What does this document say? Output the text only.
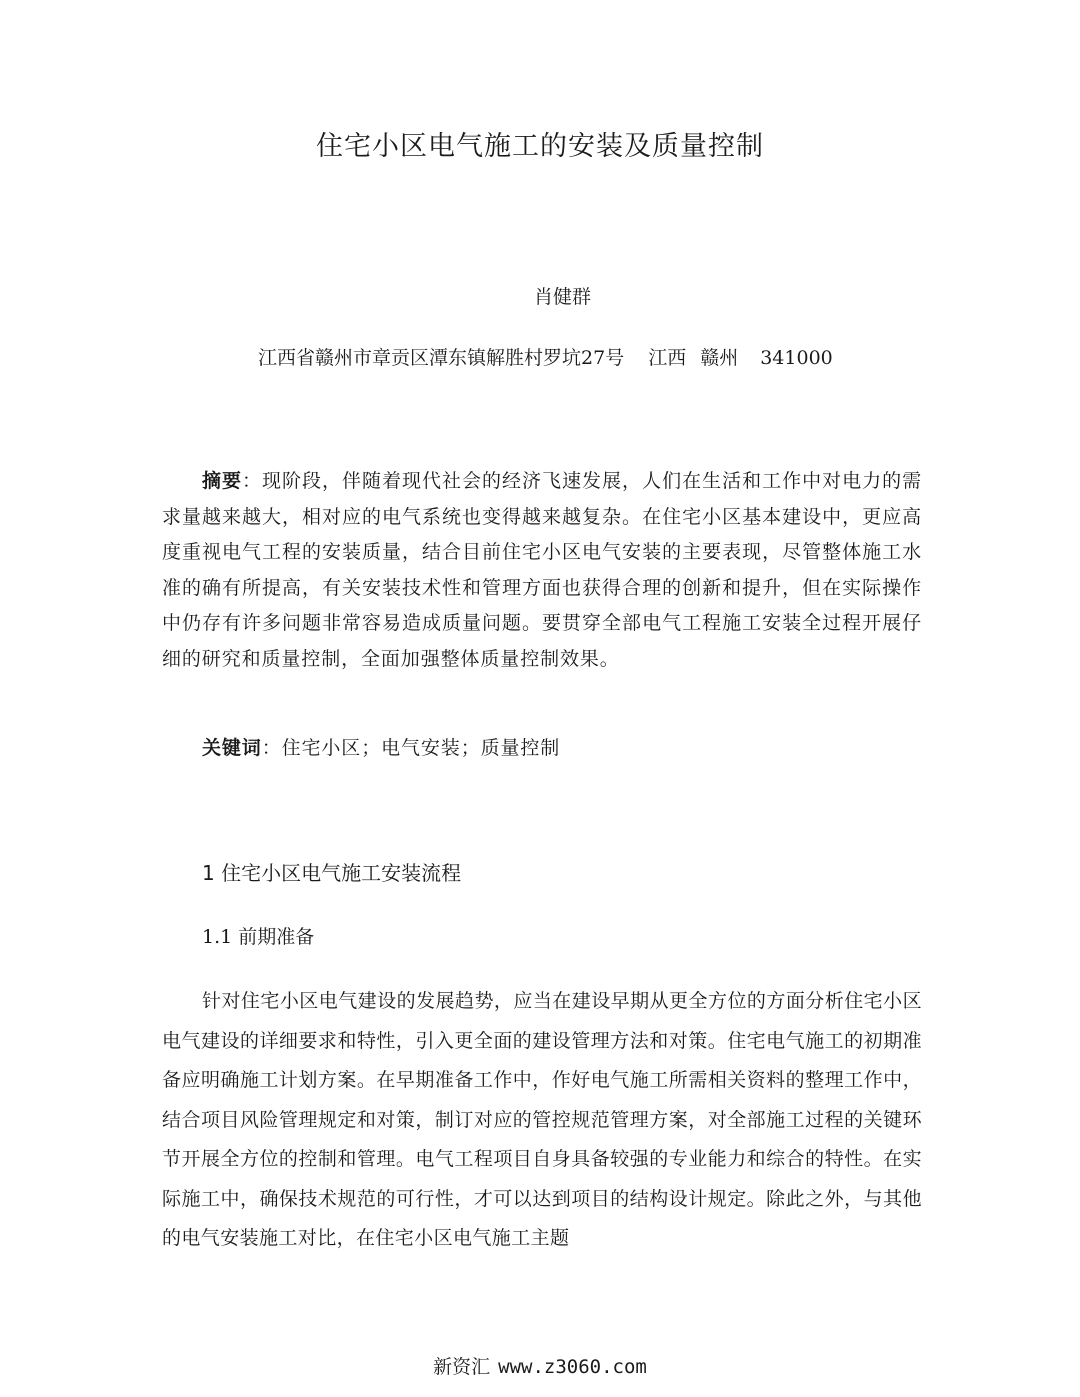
住宅小区电气施工的安装及质量控制
肖健群
江西省赣州市章贡区潭东镇解胜村罗坑27号 江西 赣州 341000

摘要：现阶段，伴随着现代社会的经济飞速发展，人们在生活和工作中对电力的需求量越来越大，相对应的电气系统也变得越来越复杂。在住宅小区基本建设中，更应高度重视电气工程的安装质量，结合目前住宅小区电气安装的主要表现，尽管整体施工水准的确有所提高，有关安装技术性和管理方面也获得合理的创新和提升，但在实际操作中仍存有许多问题非常容易造成质量问题。要贯穿全部电气工程施工安装全过程开展仔细的研究和质量控制，全面加强整体质量控制效果。

关键词：住宅小区；电气安装；质量控制

1 住宅小区电气施工安装流程
1.1 前期准备

针对住宅小区电气建设的发展趋势，应当在建设早期从更全方位的方面分析住宅小区电气建设的详细要求和特性，引入更全面的建设管理方法和对策。住宅电气施工的初期准备应明确施工计划方案。在早期准备工作中，作好电气施工所需相关资料的整理工作中，结合项目风险管理规定和对策，制订对应的管控规范管理方案，对全部施工过程的关键环节开展全方位的控制和管理。电气工程项目自身具备较强的专业能力和综合的特性。在实际施工中，确保技术规范的可行性，才可以达到项目的结构设计规定。除此之外，与其他的电气安装施工对比，在住宅小区电气施工主题

新资汇 www.z3060.com
